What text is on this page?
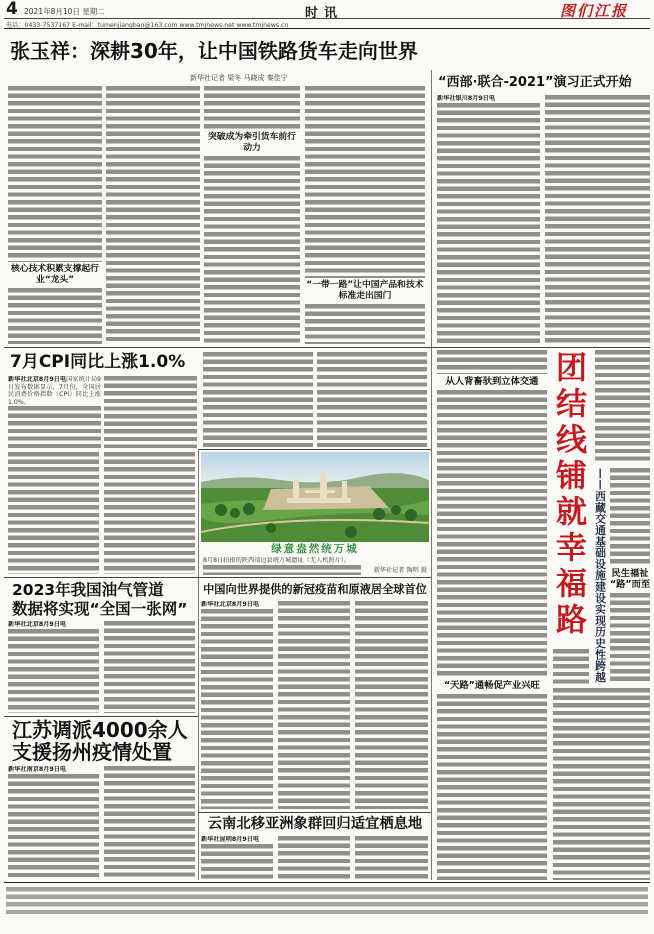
4 2021年8月10日 星期二	时讯	图们江报
电话：0433-7537167 E-mail：tumenjiangbao@163.com www.tmjnews.net www.tmjnews.cn
张玉祥：深耕30年，让中国铁路货车走向世界
新华社记者 梁冬 马晓成 秦佳宁

核心技术积累支撑起行业“龙头”

突破成为牵引货车前行动力

“一带一路”让中国产品和技术标准走出国门

“西部·联合-2021”演习正式开始

新华社银川8月9日电

7月CPI同比上涨1.0%

新华社北京8月9日电国家统计局9日发布数据显示，7月份，全国居民消费价格指数（CPI）同比上涨1.0%。

绿意盎然统万城

8月8日拍摄的陕西靖边县统万城遗址（无人机照片）。

新华社记者 陶明 摄
2023年我国油气管道
数据将实现“全国一张网”

新华社北京8月9日电

江苏调派4000余人
支援扬州疫情处置

新华社南京8月9日电

中国向世界提供的新冠疫苗和原液居全球首位

新华社北京8月9日电

云南北移亚洲象群回归适宜栖息地

新华社昆明8月9日电

从人背畜驮到立体交通

“天路”通畅促产业兴旺

团结线铺就幸福路 ——西藏交通基础设施建设实现历史性跨越 民生福祉
“路”而至
